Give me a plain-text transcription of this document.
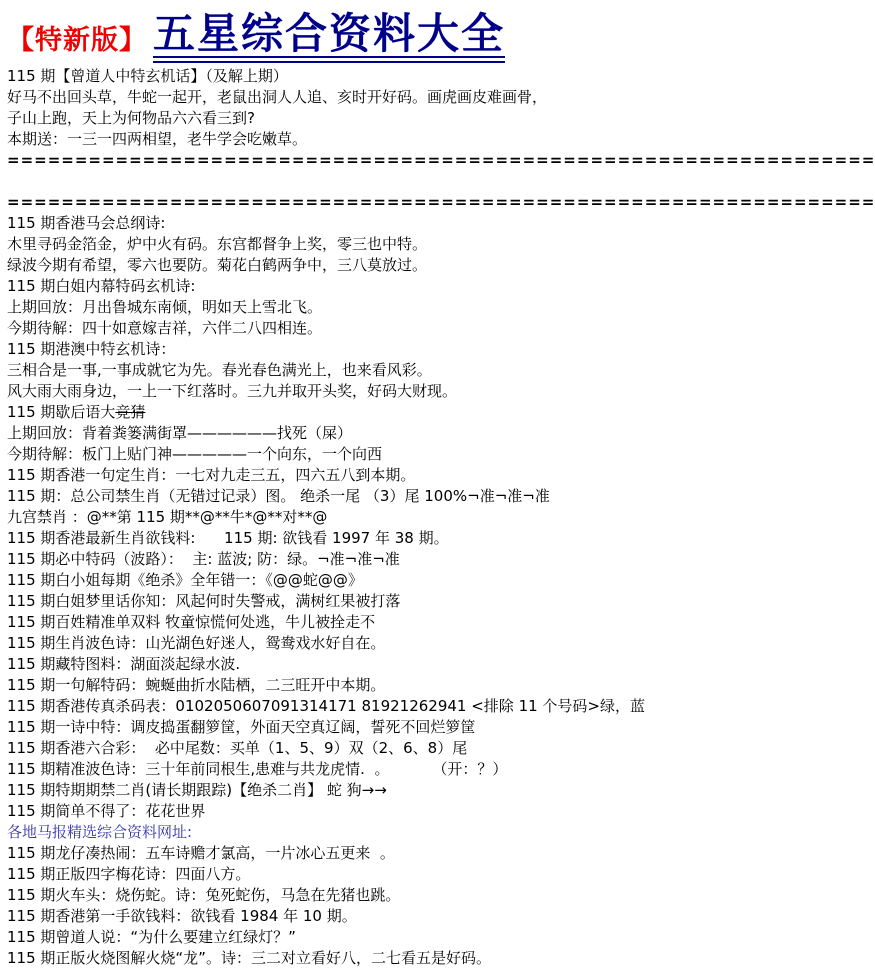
【特新版】 五星综合资料大全
115 期【曾道人中特玄机话】（及解上期）
好马不出回头草，牛蛇一起开，老鼠出洞人人追、亥时开好码。画虎画皮难画骨，
子山上跑，天上为何物品六六看三到?
本期送：一三一四两相望，老牛学会吃嫩草。
================================================================
================================================================
115 期香港马会总纲诗:
木里寻码金箔金，炉中火有码。东宫都督争上奖，零三也中特。
绿波今期有希望，零六也要防。菊花白鹤两争中，三八莫放过。
115 期白姐内幕特码玄机诗:
上期回放：月出鲁城东南倾，明如天上雪北飞。
今期待解：四十如意嫁吉祥，六伴二八四相连。
115 期港澳中特玄机诗：
三相合是一事,一事成就它为先。春光春色满光上，也来看风彩。
风大雨大雨身边，一上一下红落时。三九并取开头奖，好码大财现。
115 期歇后语大竞猜
上期回放：背着粪篓满街罩——————找死（屎）
今期待解：板门上贴门神—————一个向东，一个向西
115 期香港一句定生肖：一七对九走三五，四六五八到本期。
115 期：总公司禁生肖（无错过记录）图。 绝杀一尾 （3）尾 100%¬准¬准¬准
九宫禁肖 ：@**第 115 期**@**牛*@**对**@
115 期香港最新生肖欲钱料:      115 期: 欲钱看 1997 年 38 期。
115 期必中特码（波路）：  主: 蓝波; 防：绿。¬准¬准¬准
115 期白小姐每期《绝杀》全年错一：《@@蛇@@》
115 期白姐梦里话你知：风起何时失警戒，满树红果被打落
115 期百姓精准单双料 牧童惊慌何处逃，牛儿被拴走不
115 期生肖波色诗：山光湖色好迷人，鸳鸯戏水好自在。
115 期藏特图料：湖面淡起绿水波.
115 期一句解特码：蜿蜒曲折水陆栖，二三旺开中本期。
115 期香港传真杀码表：0102050607091314171 81921262941 <排除 11 个号码>绿，蓝
115 期一诗中特：调皮捣蛋翻箩筐，外面天空真辽阔，誓死不回烂箩筐
115 期香港六合彩：  必中尾数：买单（1、5、9）双（2、6、8）尾
115 期精准波色诗：三十年前同根生,患难与共龙虎情.  。         （开：？）
115 期特期期禁二肖(请长期跟踪)【绝杀二肖】 蛇 狗→→
115 期简单不得了：花花世界
各地马报精选综合资料网址:
115 期龙仔凑热闹：五车诗赡才氯高，一片冰心五更来  。
115 期正版四字梅花诗：四面八方。
115 期火车头：烧伤蛇。诗：兔死蛇伤，马急在先猪也跳。
115 期香港第一手欲钱料：欲钱看 1984 年 10 期。
115 期曾道人说：“为什么要建立红绿灯？”
115 期正版火烧图解火烧“龙”。诗：三二对立看好八，二七看五是好码。
